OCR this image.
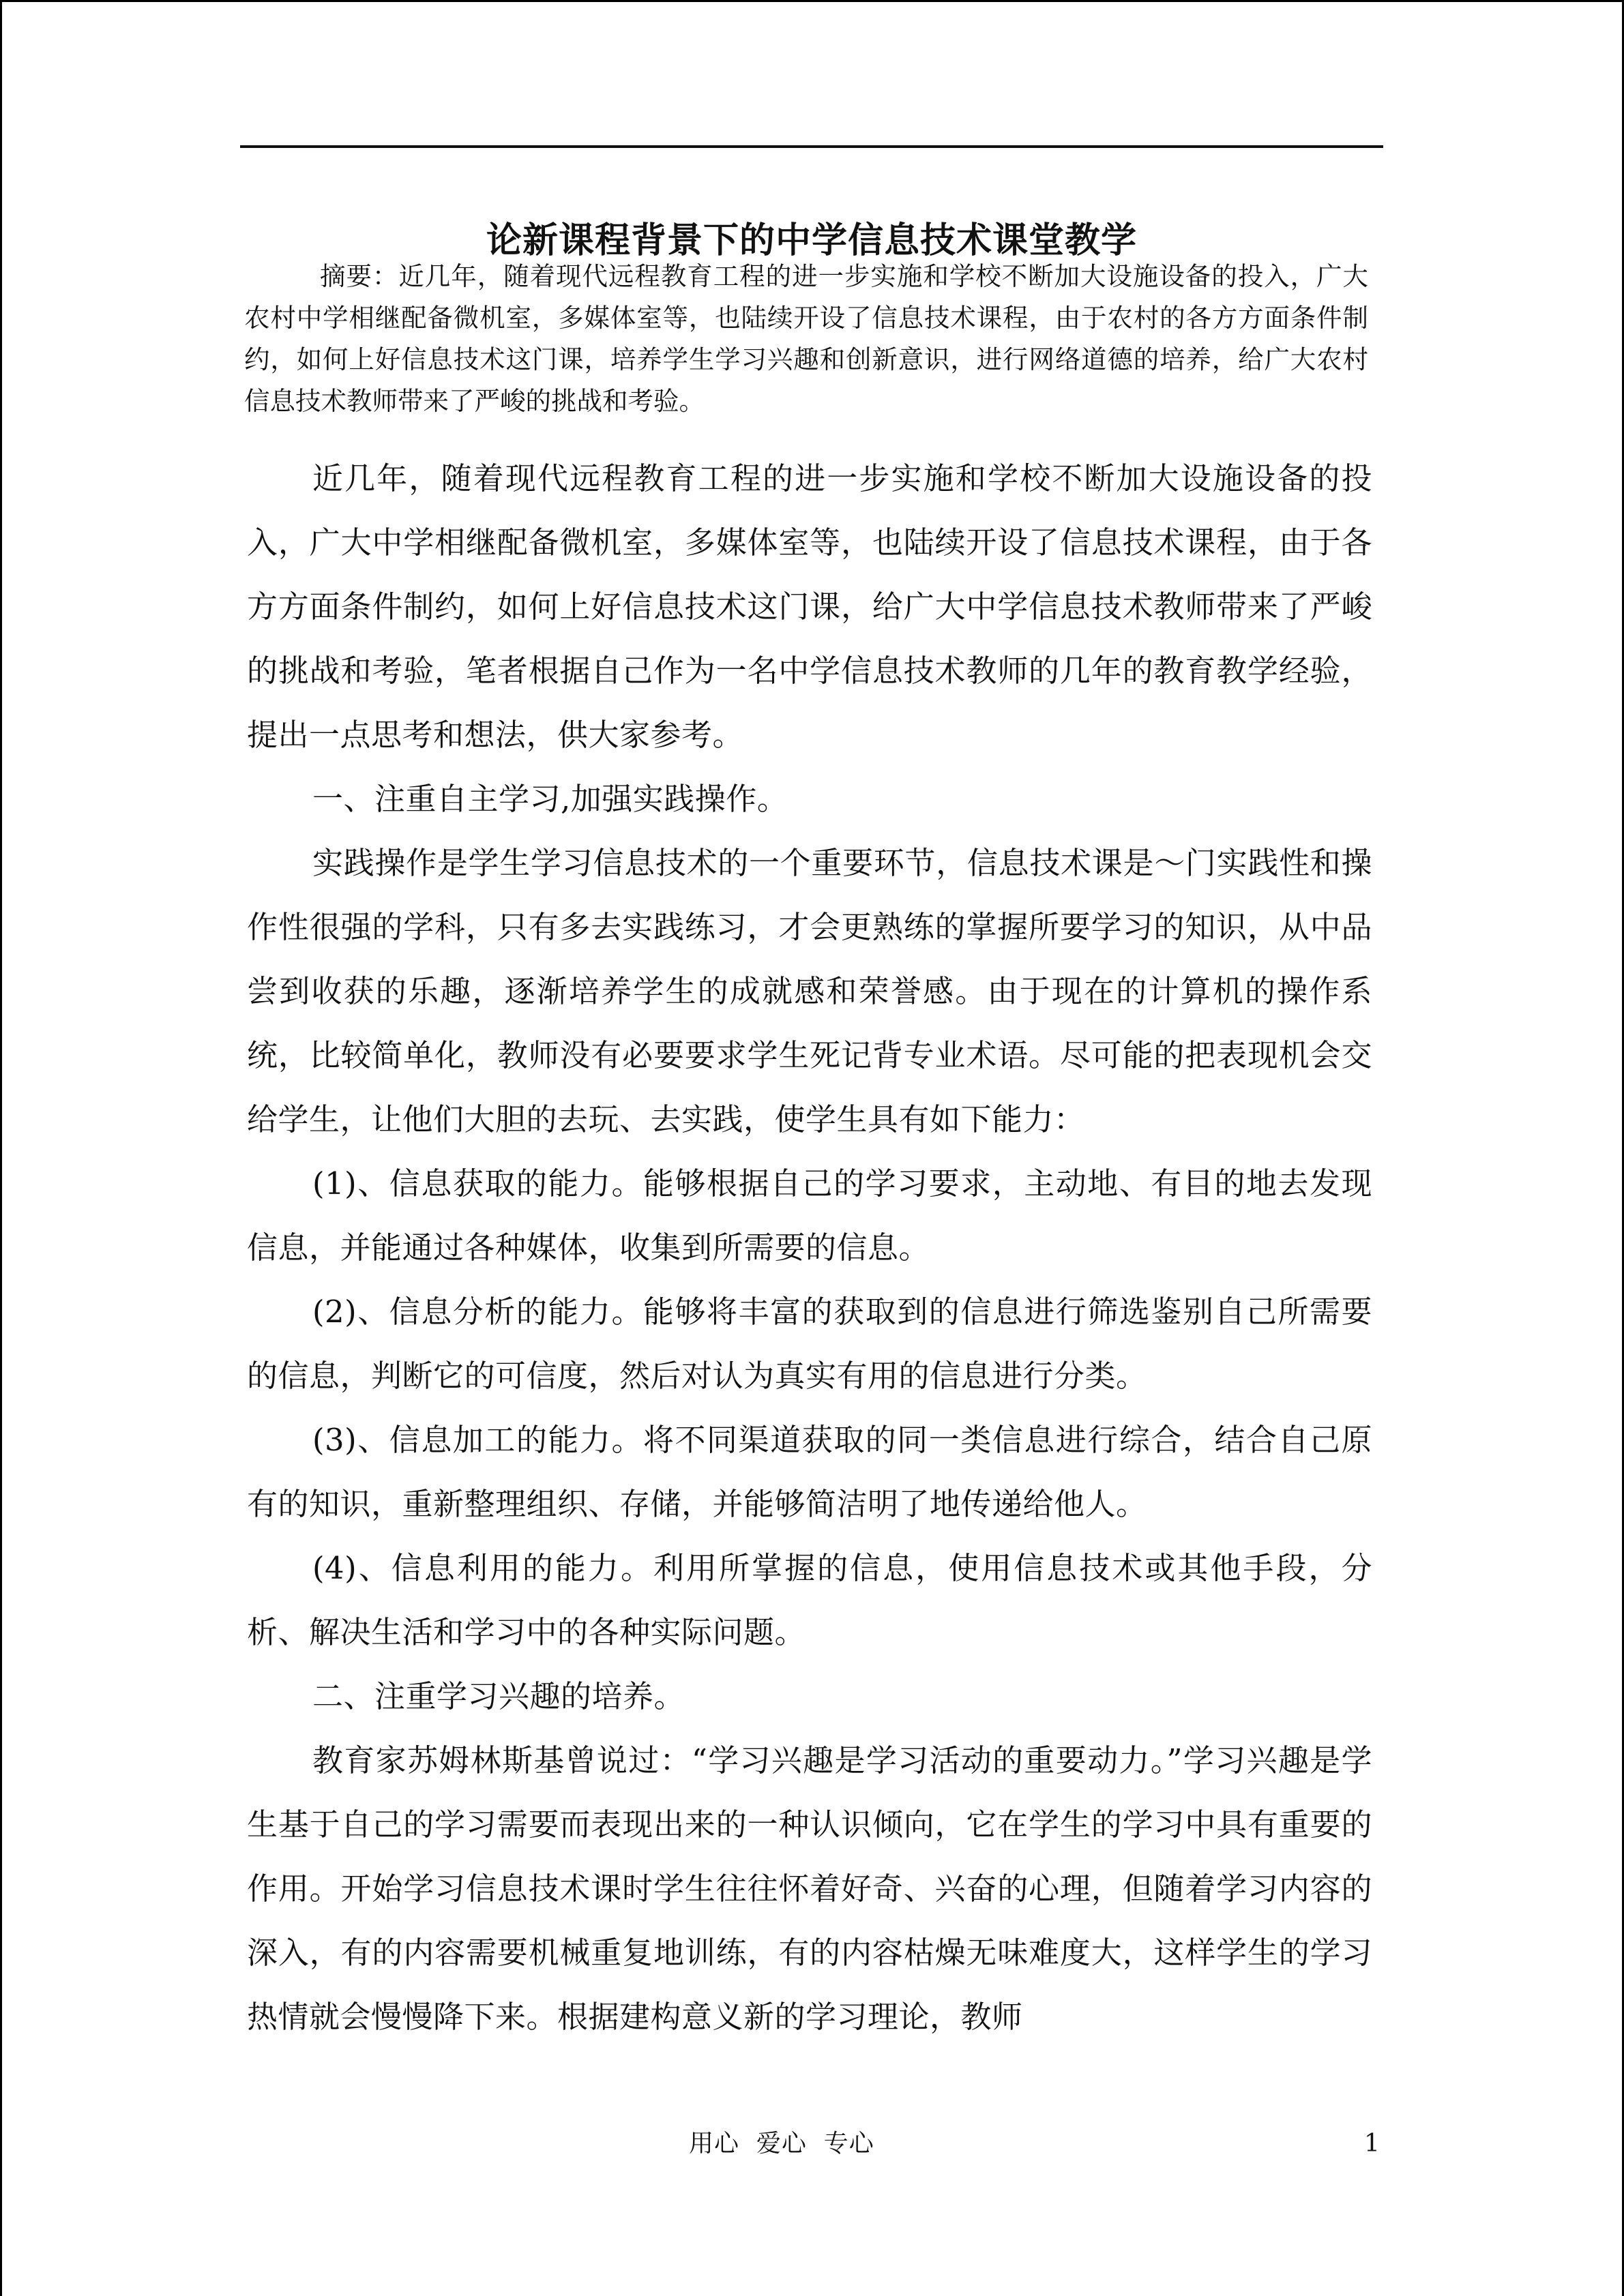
论新课程背景下的中学信息技术课堂教学

摘要：近几年，随着现代远程教育工程的进一步实施和学校不断加大设施设备的投入，广大农村中学相继配备微机室，多媒体室等，也陆续开设了信息技术课程，由于农村的各方方面条件制约，如何上好信息技术这门课，培养学生学习兴趣和创新意识，进行网络道德的培养，给广大农村信息技术教师带来了严峻的挑战和考验。

近几年，随着现代远程教育工程的进一步实施和学校不断加大设施设备的投入，广大中学相继配备微机室，多媒体室等，也陆续开设了信息技术课程，由于各方方面条件制约，如何上好信息技术这门课，给广大中学信息技术教师带来了严峻的挑战和考验，笔者根据自己作为一名中学信息技术教师的几年的教育教学经验，提出一点思考和想法，供大家参考。

一、注重自主学习,加强实践操作。

实践操作是学生学习信息技术的一个重要环节，信息技术课是～门实践性和操作性很强的学科，只有多去实践练习，才会更熟练的掌握所要学习的知识，从中品尝到收获的乐趣，逐渐培养学生的成就感和荣誉感。由于现在的计算机的操作系统，比较简单化，教师没有必要要求学生死记背专业术语。尽可能的把表现机会交给学生，让他们大胆的去玩、去实践，使学生具有如下能力：

(1)、信息获取的能力。能够根据自己的学习要求，主动地、有目的地去发现信息，并能通过各种媒体，收集到所需要的信息。

(2)、信息分析的能力。能够将丰富的获取到的信息进行筛选鉴别自己所需要的信息，判断它的可信度，然后对认为真实有用的信息进行分类。

(3)、信息加工的能力。将不同渠道获取的同一类信息进行综合，结合自己原有的知识，重新整理组织、存储，并能够简洁明了地传递给他人。

(4)、信息利用的能力。利用所掌握的信息，使用信息技术或其他手段，分析、解决生活和学习中的各种实际问题。

二、注重学习兴趣的培养。

教育家苏姆林斯基曾说过：“学习兴趣是学习活动的重要动力。”学习兴趣是学生基于自己的学习需要而表现出来的一种认识倾向，它在学生的学习中具有重要的作用。开始学习信息技术课时学生往往怀着好奇、兴奋的心理，但随着学习内容的深入，有的内容需要机械重复地训练，有的内容枯燥无味难度大，这样学生的学习热情就会慢慢降下来。根据建构意义新的学习理论，教师

用心  爱心  专心	1
